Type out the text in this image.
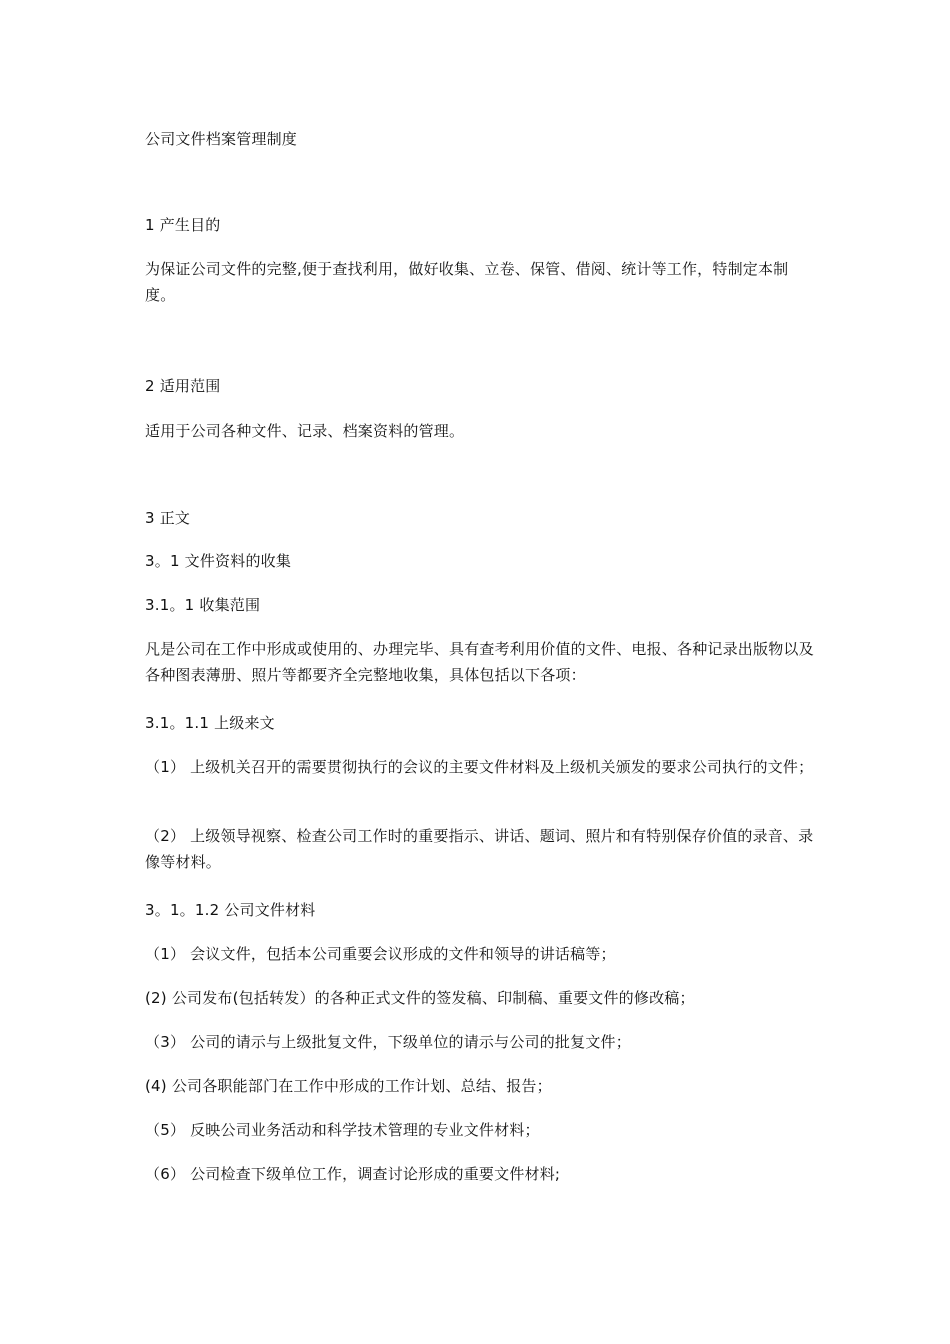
公司文件档案管理制度
1 产生目的
为保证公司文件的完整,便于查找利用，做好收集、立卷、保管、借阅、统计等工作，特制定本制度。
2 适用范围
适用于公司各种文件、记录、档案资料的管理。
3 正文
3。1 文件资料的收集
3.1。1 收集范围
凡是公司在工作中形成或使用的、办理完毕、具有查考利用价值的文件、电报、各种记录出版物以及各种图表薄册、照片等都要齐全完整地收集，具体包括以下各项：
3.1。1.1 上级来文
（1） 上级机关召开的需要贯彻执行的会议的主要文件材料及上级机关颁发的要求公司执行的文件；
（2） 上级领导视察、检查公司工作时的重要指示、讲话、题词、照片和有特别保存价值的录音、录像等材料。
3。1。1.2 公司文件材料
（1） 会议文件，包括本公司重要会议形成的文件和领导的讲话稿等；
(2) 公司发布(包括转发）的各种正式文件的签发稿、印制稿、重要文件的修改稿；
（3） 公司的请示与上级批复文件，下级单位的请示与公司的批复文件；
(4) 公司各职能部门在工作中形成的工作计划、总结、报告；
（5） 反映公司业务活动和科学技术管理的专业文件材料；
（6） 公司检查下级单位工作，调查讨论形成的重要文件材料;
